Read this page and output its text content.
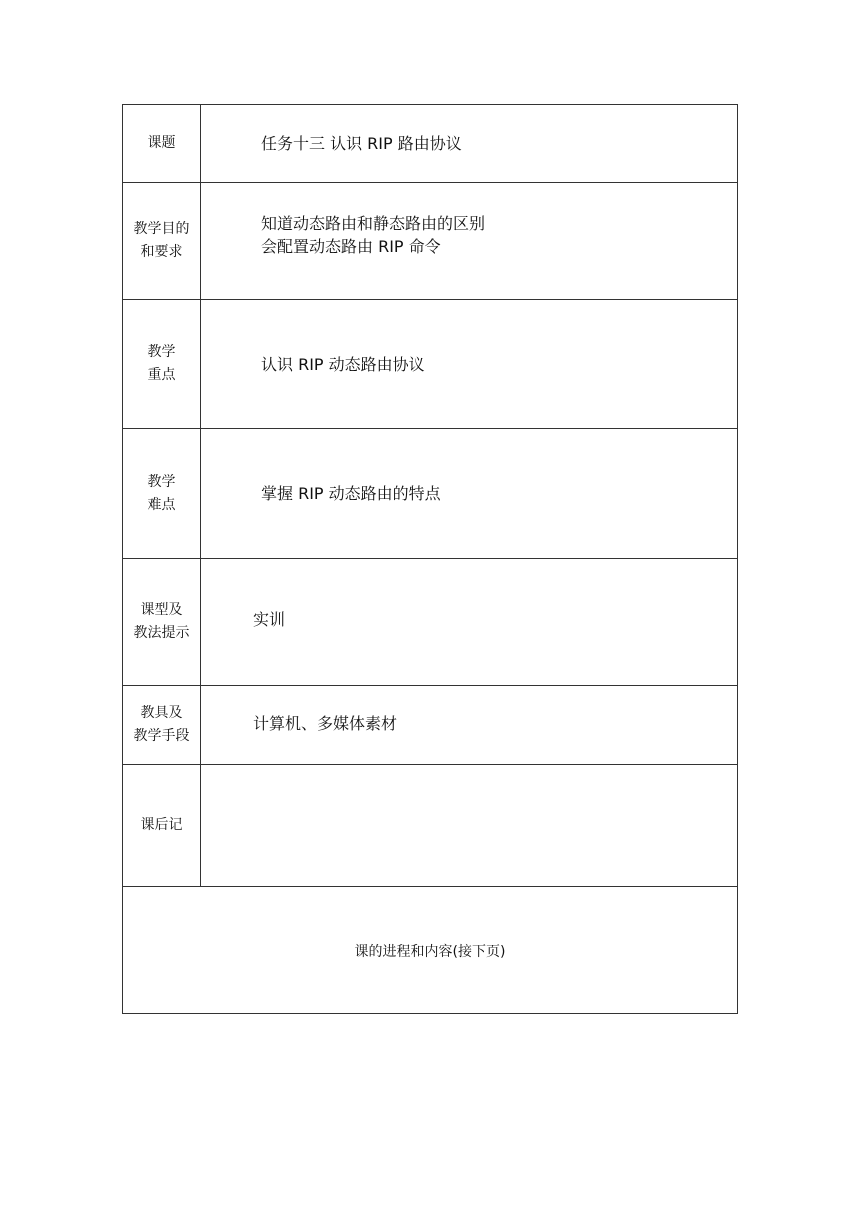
课题	任务十三 认识 RIP 路由协议
教学目的
和要求
知道动态路由和静态路由的区别
会配置动态路由 RIP 命令
教学
重点
认识 RIP 动态路由协议
教学
难点
掌握 RIP 动态路由的特点
课型及
教法提示
实训
教具及
教学手段
计算机、多媒体素材
课后记
课的进程和内容(接下页)
